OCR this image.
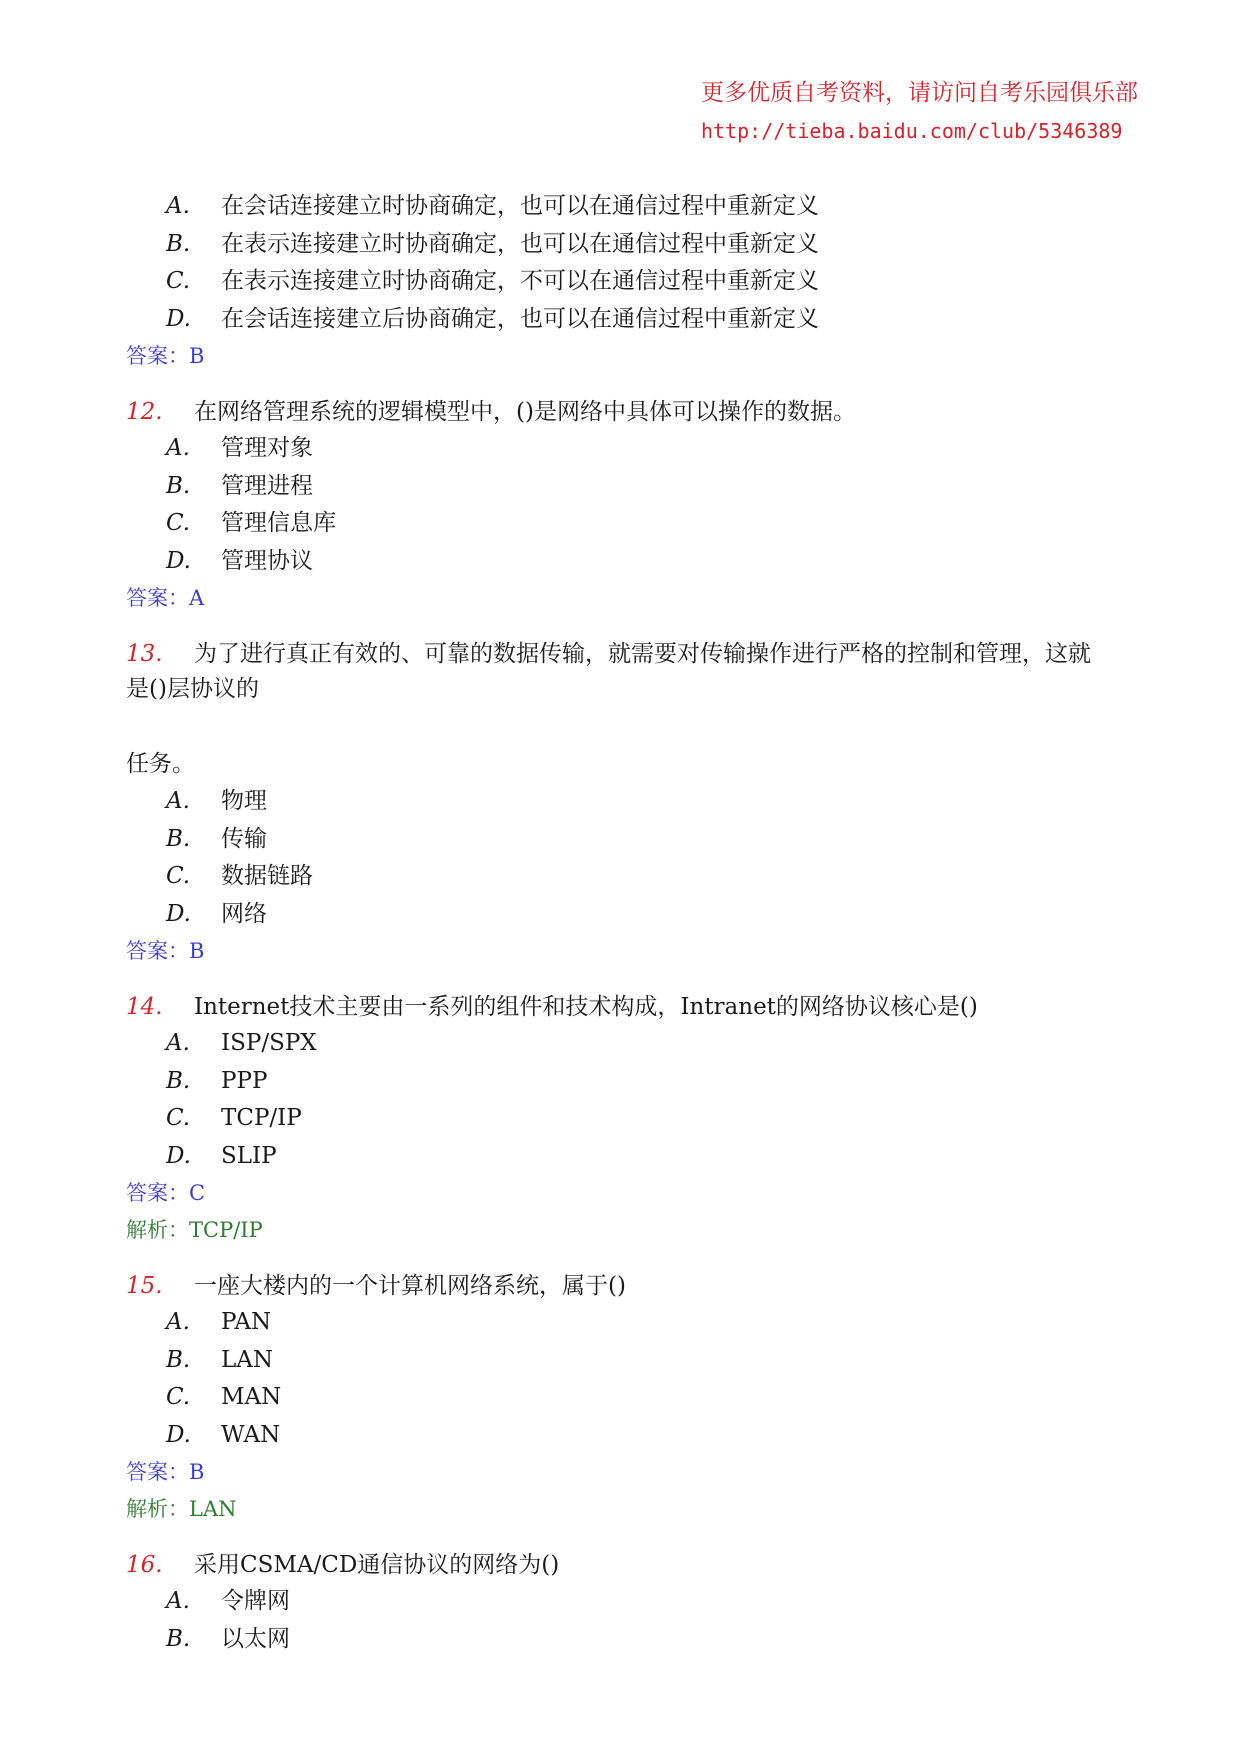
更多优质自考资料，请访问自考乐园俱乐部
http://tieba.baidu.com/club/5346389
A. 在会话连接建立时协商确定，也可以在通信过程中重新定义
B. 在表示连接建立时协商确定，也可以在通信过程中重新定义
C. 在表示连接建立时协商确定，不可以在通信过程中重新定义
D. 在会话连接建立后协商确定，也可以在通信过程中重新定义
答案：B
12. 在网络管理系统的逻辑模型中，()是网络中具体可以操作的数据。
A. 管理对象
B. 管理进程
C. 管理信息库
D. 管理协议
答案：A
13. 为了进行真正有效的、可靠的数据传输，就需要对传输操作进行严格的控制和管理，这就
是()层协议的
任务。
A. 物理
B. 传输
C. 数据链路
D. 网络
答案：B
14. Internet技术主要由一系列的组件和技术构成，Intranet的网络协议核心是()
A. ISP/SPX
B. PPP
C. TCP/IP
D. SLIP
答案：C
解析：TCP/IP
15. 一座大楼内的一个计算机网络系统，属于()
A. PAN
B. LAN
C. MAN
D. WAN
答案：B
解析：LAN
16. 采用CSMA/CD通信协议的网络为()
A. 令牌网
B. 以太网
